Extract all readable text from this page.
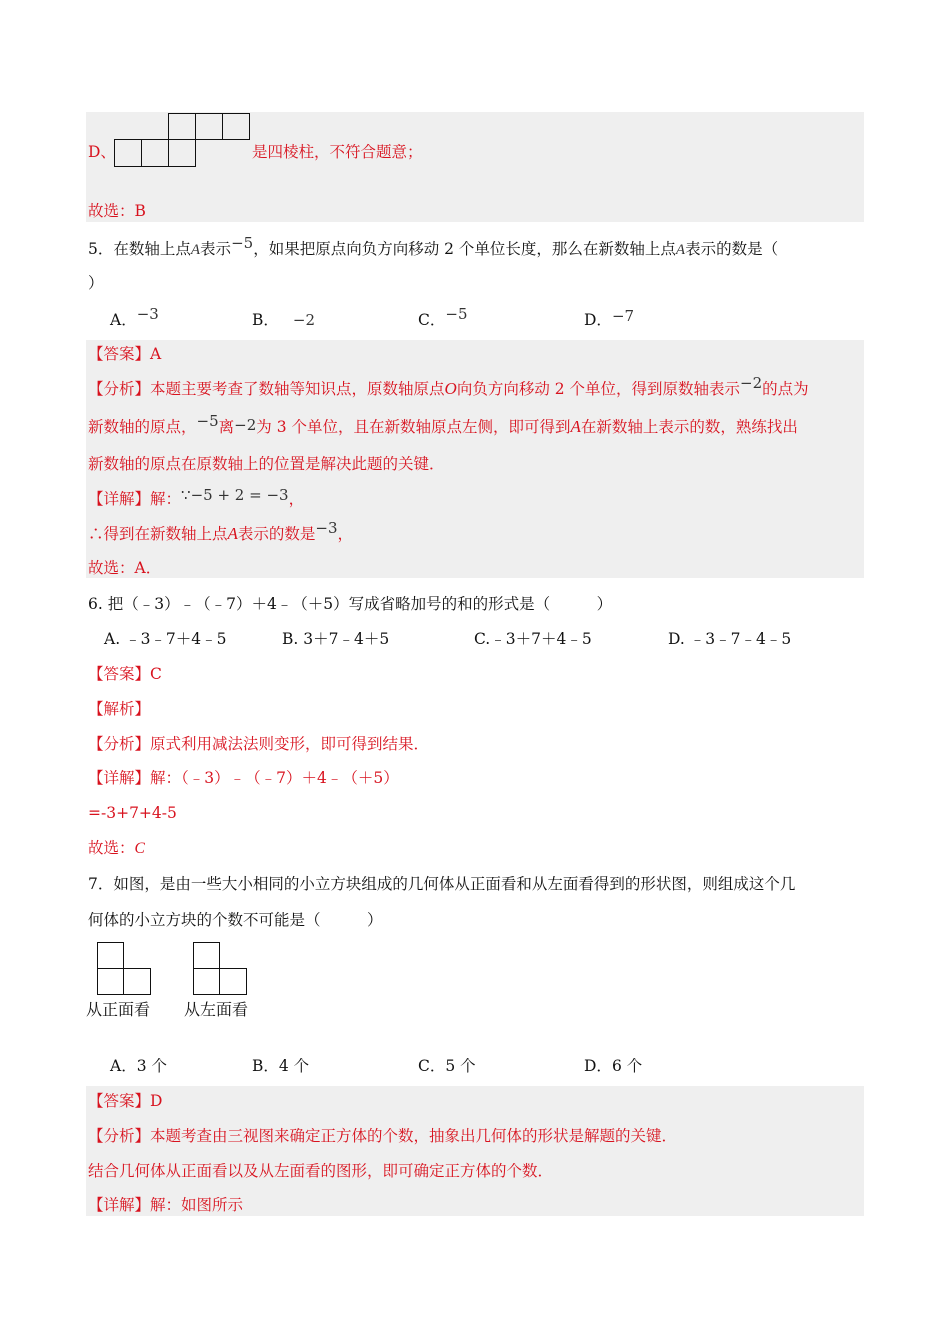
D、	是四棱柱，不符合题意；
故选：B
5．在数轴上点A表示−5，如果把原点向负方向移动 2 个单位长度，那么在新数轴上点A表示的数是（
）
A．−3	B． −2	C．−5	D．−7
【答案】A
【分析】本题主要考查了数轴等知识点，原数轴原点O向负方向移动 2 个单位，得到原数轴表示−2的点为
新数轴的原点，−5离−2为 3 个单位，且在新数轴原点左侧，即可得到A在新数轴上表示的数，熟练找出
新数轴的原点在原数轴上的位置是解决此题的关键．
【详解】解：∵−5 + 2 = −3，
∴得到在新数轴上点A表示的数是−3，
故选：A．
6. 把（﹣3）﹣（﹣7）＋4﹣（＋5）写成省略加号的和的形式是（　　　）
A. ﹣3﹣7＋4﹣5	B. 3＋7﹣4＋5	C.﹣3＋7＋4﹣5	D. ﹣3﹣7﹣4﹣5
【答案】C
【解析】
【分析】原式利用减法法则变形，即可得到结果．
【详解】解：（﹣3）﹣（﹣7）＋4﹣（＋5）
=-3+7+4-5
故选：C
7．如图，是由一些大小相同的小立方块组成的几何体从正面看和从左面看得到的形状图，则组成这个几
何体的小立方块的个数不可能是（　　　）
从正面看 从左面看
A．3 个	B．4 个	C．5 个	D．6 个
【答案】D
【分析】本题考查由三视图来确定正方体的个数，抽象出几何体的形状是解题的关键．
结合几何体从正面看以及从左面看的图形，即可确定正方体的个数．
【详解】解：如图所示
